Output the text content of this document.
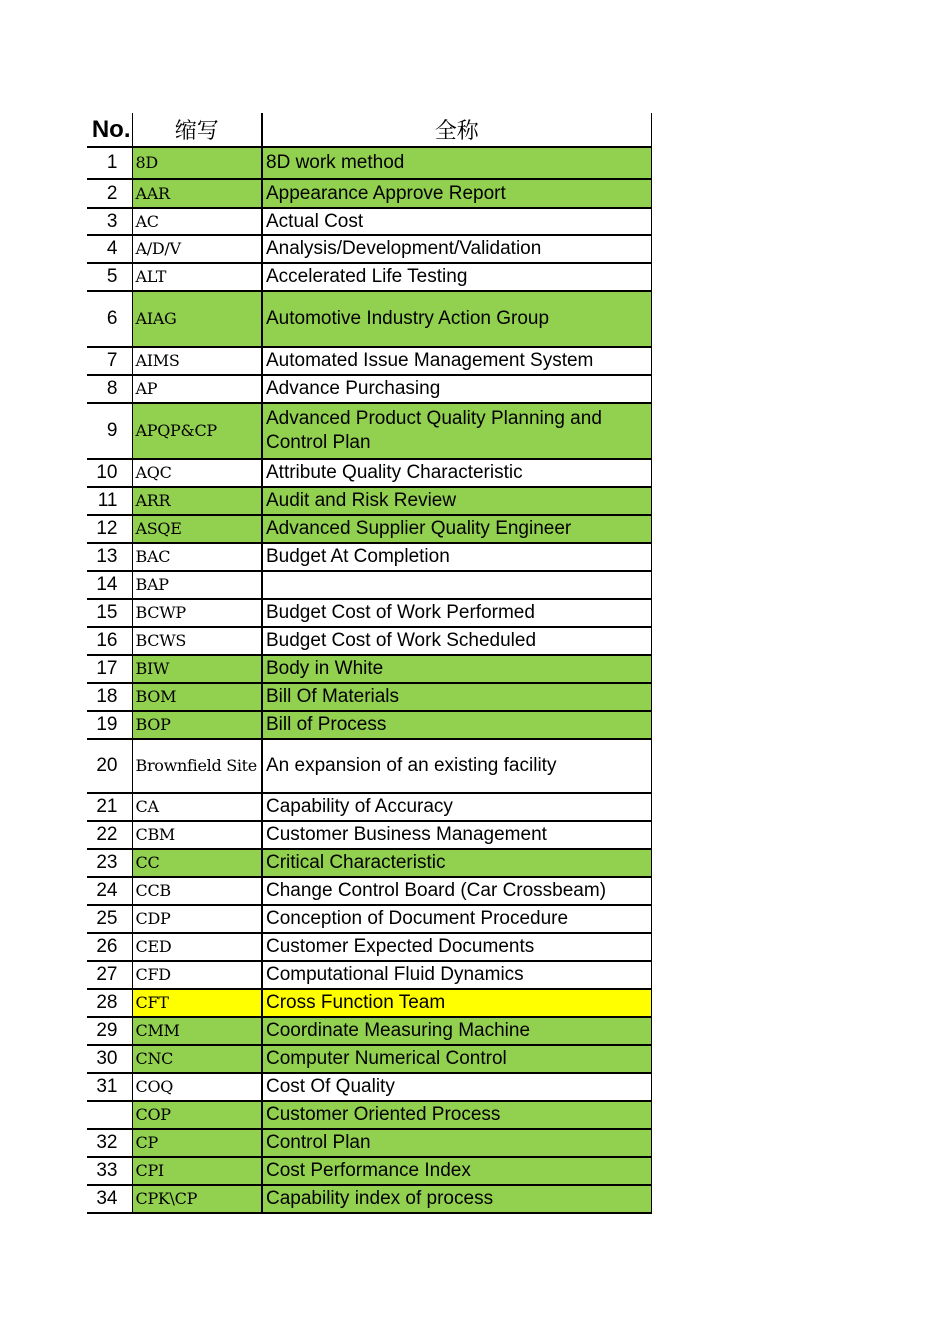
No.	缩写	全称
1	8D	8D work method
2	AAR	Appearance Approve Report
3	AC	Actual Cost
4	A/D/V	Analysis/Development/Validation
5	ALT	Accelerated Life Testing
6	AIAG	Automotive Industry Action Group
7	AIMS	Automated Issue Management System
8	AP	Advance Purchasing
9	APQP&CP	Advanced Product Quality Planning and Control Plan
10	AQC	Attribute Quality Characteristic
11	ARR	Audit and Risk Review
12	ASQE	Advanced Supplier Quality Engineer
13	BAC	Budget At Completion
14	BAP	
15	BCWP	Budget Cost of Work Performed
16	BCWS	Budget Cost of Work Scheduled
17	BIW	Body in White
18	BOM	Bill Of Materials
19	BOP	Bill of Process
20	Brownfield Site	An expansion of an existing facility
21	CA	Capability of Accuracy
22	CBM	Customer Business Management
23	CC	Critical Characteristic
24	CCB	Change Control Board (Car Crossbeam)
25	CDP	Conception of Document Procedure
26	CED	Customer Expected Documents
27	CFD	Computational Fluid Dynamics
28	CFT	Cross Function Team
29	CMM	Coordinate Measuring Machine
30	CNC	Computer Numerical Control
31	COQ	Cost Of Quality
	COP	Customer Oriented Process
32	CP	Control Plan
33	CPI	Cost Performance Index
34	CPK\CP	Capability index of process
